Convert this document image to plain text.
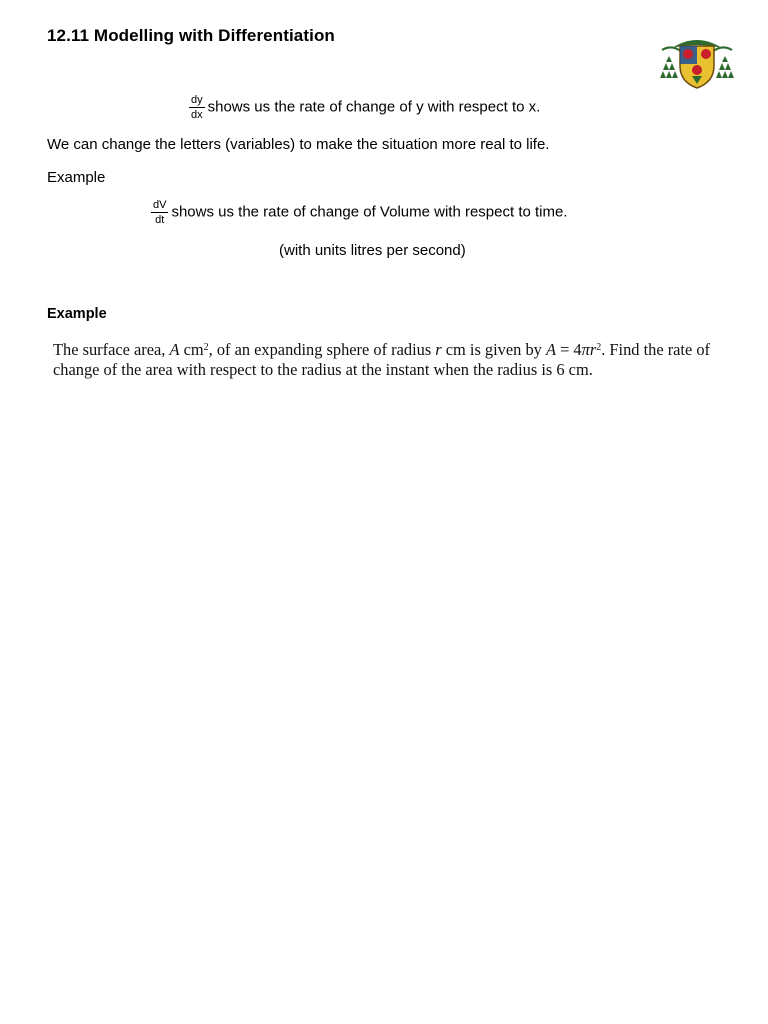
12.11 Modelling with Differentiation
$\frac{dy}{dx}$ shows us the rate of change of y with respect to x.
We can change the letters (variables) to make the situation more real to life.
Example
$\frac{dV}{dt}$ shows us the rate of change of Volume with respect to time.
(with units litres per second)
Example
The surface area, A $cm^2$, of an expanding sphere of radius r cm is given by $A = 4\pi r^2$. Find the rate of change of the area with respect to the radius at the instant when the radius is 6 cm.
